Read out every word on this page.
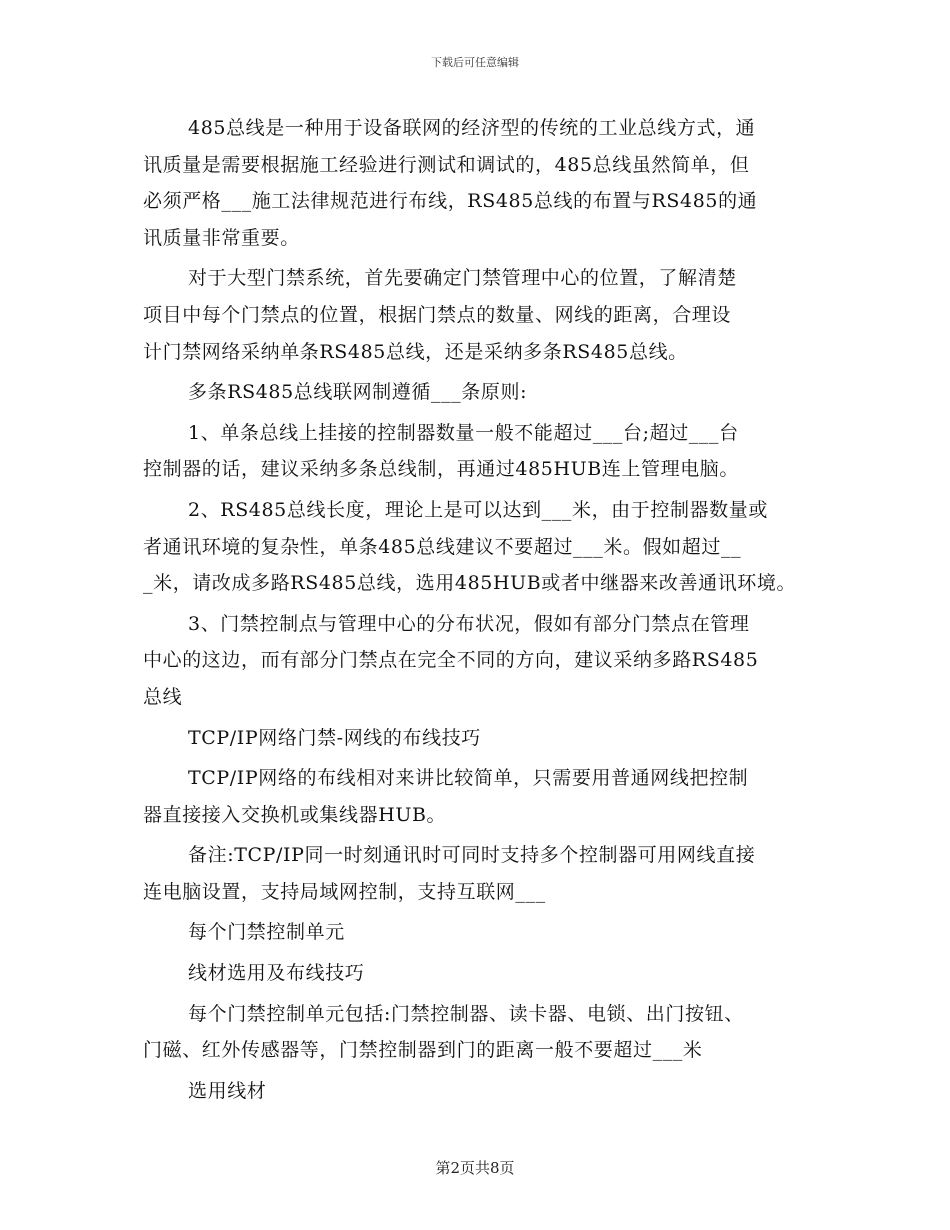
下载后可任意编辑

485总线是一种用于设备联网的经济型的传统的工业总线方式，通
讯质量是需要根据施工经验进行测试和调试的，485总线虽然简单，但
必须严格___施工法律规范进行布线，RS485总线的布置与RS485的通
讯质量非常重要。

对于大型门禁系统，首先要确定门禁管理中心的位置，了解清楚
项目中每个门禁点的位置，根据门禁点的数量、网线的距离，合理设
计门禁网络采纳单条RS485总线，还是采纳多条RS485总线。

多条RS485总线联网制遵循___条原则:

1、单条总线上挂接的控制器数量一般不能超过___台;超过___台
控制器的话，建议采纳多条总线制，再通过485HUB连上管理电脑。

2、RS485总线长度，理论上是可以达到___米，由于控制器数量或
者通讯环境的复杂性，单条485总线建议不要超过___米。假如超过__
_米，请改成多路RS485总线，选用485HUB或者中继器来改善通讯环境。

3、门禁控制点与管理中心的分布状况，假如有部分门禁点在管理
中心的这边，而有部分门禁点在完全不同的方向，建议采纳多路RS485
总线

TCP/IP网络门禁-网线的布线技巧

TCP/IP网络的布线相对来讲比较简单，只需要用普通网线把控制
器直接接入交换机或集线器HUB。

备注:TCP/IP同一时刻通讯时可同时支持多个控制器可用网线直接
连电脑设置，支持局域网控制，支持互联网___

每个门禁控制单元

线材选用及布线技巧

每个门禁控制单元包括:门禁控制器、读卡器、电锁、出门按钮、
门磁、红外传感器等，门禁控制器到门的距离一般不要超过___米

选用线材

第2页共8页
